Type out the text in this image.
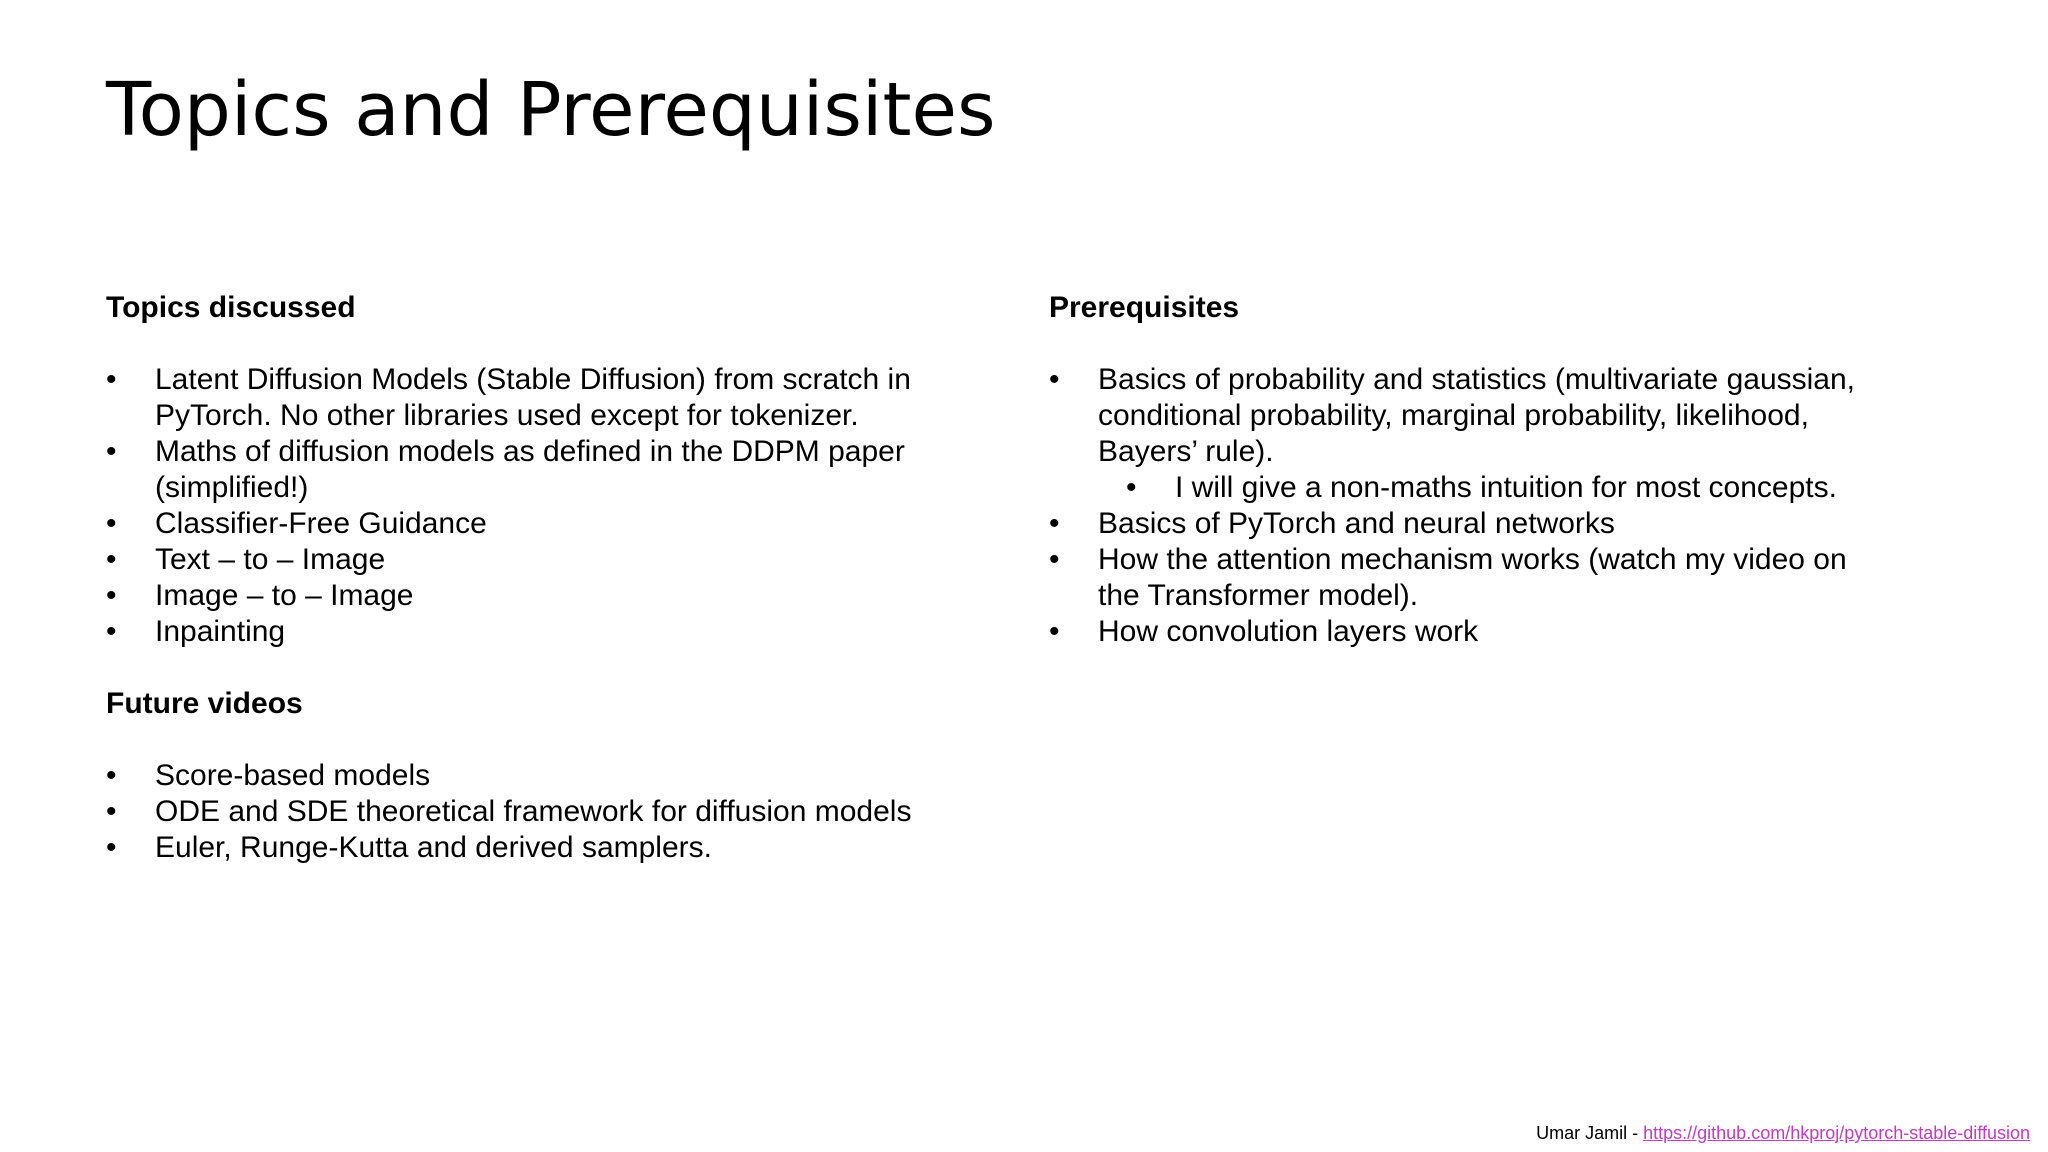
Topics and Prerequisites
Topics discussed
• Latent Diffusion Models (Stable Diffusion) from scratch in PyTorch. No other libraries used except for tokenizer.
• Maths of diffusion models as defined in the DDPM paper (simplified!)
• Classifier-Free Guidance
• Text – to – Image
• Image – to – Image
• Inpainting
Future videos
• Score-based models
• ODE and SDE theoretical framework for diffusion models
• Euler, Runge-Kutta and derived samplers.
Prerequisites
• Basics of probability and statistics (multivariate gaussian, conditional probability, marginal probability, likelihood, Bayers’ rule).
• I will give a non-maths intuition for most concepts.
• Basics of PyTorch and neural networks
• How the attention mechanism works (watch my video on the Transformer model).
• How convolution layers work
Umar Jamil - https://github.com/hkproj/pytorch-stable-diffusion
